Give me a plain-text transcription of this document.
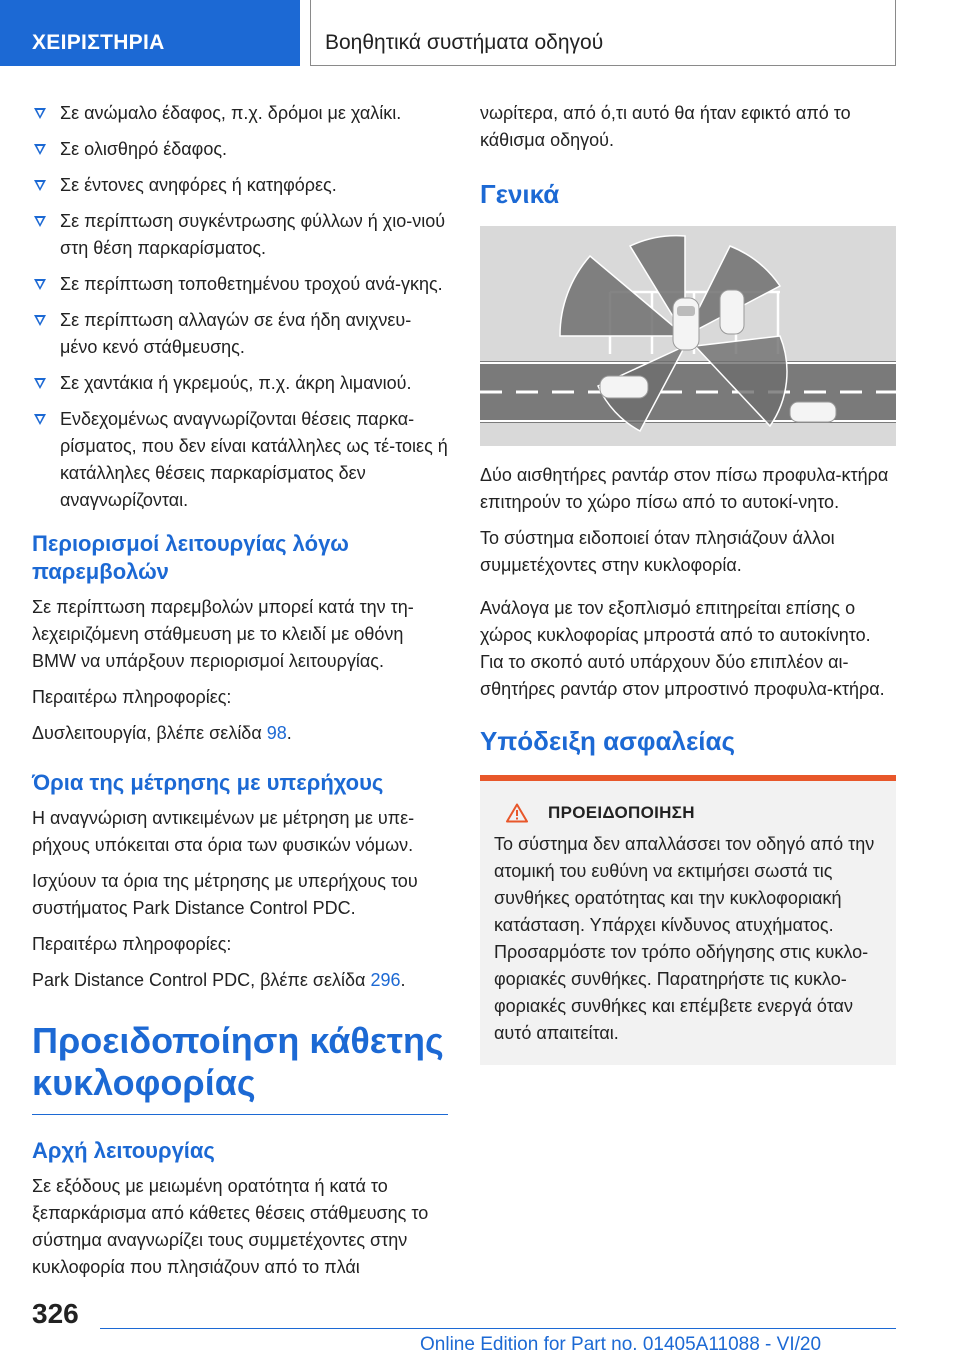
ΧΕΙΡΙΣΤΗΡΙΑ	Βοηθητικά συστήματα οδηγού
Σε ανώμαλο έδαφος, π.χ. δρόμοι με χαλίκι.
Σε ολισθηρό έδαφος.
Σε έντονες ανηφόρες ή κατηφόρες.
Σε περίπτωση συγκέντρωσης φύλλων ή χιο-νιού στη θέση παρκαρίσματος.
Σε περίπτωση τοποθετημένου τροχού ανά-γκης.
Σε περίπτωση αλλαγών σε ένα ήδη ανιχνευ-μένο κενό στάθμευσης.
Σε χαντάκια ή γκρεμούς, π.χ. άκρη λιμανιού.
Ενδεχομένως αναγνωρίζονται θέσεις παρκα-ρίσματος, που δεν είναι κατάλληλες ως τέ-τοιες ή κατάλληλες θέσεις παρκαρίσματος δεν αναγνωρίζονται.
Περιορισμοί λειτουργίας λόγω παρεμβολών
Σε περίπτωση παρεμβολών μπορεί κατά την τη-λεχειριζόμενη στάθμευση με το κλειδί με οθόνη BMW να υπάρξουν περιορισμοί λειτουργίας.
Περαιτέρω πληροφορίες:
Δυσλειτουργία, βλέπε σελίδα 98.
Όρια της μέτρησης με υπερήχους
Η αναγνώριση αντικειμένων με μέτρηση με υπε-ρήχους υπόκειται στα όρια των φυσικών νόμων.
Ισχύουν τα όρια της μέτρησης με υπερήχους του συστήματος Park Distance Control PDC.
Περαιτέρω πληροφορίες:
Park Distance Control PDC, βλέπε σελίδα 296.
Προειδοποίηση κάθετης κυκλοφορίας
Αρχή λειτουργίας
Σε εξόδους με μειωμένη ορατότητα ή κατά το ξεπαρκάρισμα από κάθετες θέσεις στάθμευσης το σύστημα αναγνωρίζει τους συμμετέχοντες στην κυκλοφορία που πλησιάζουν από το πλάι
νωρίτερα, από ό,τι αυτό θα ήταν εφικτό από το κάθισμα οδηγού.
Γενικά
Δύο αισθητήρες ραντάρ στον πίσω προφυλα-κτήρα επιτηρούν το χώρο πίσω από το αυτοκί-νητο.
Το σύστημα ειδοποιεί όταν πλησιάζουν άλλοι συμμετέχοντες στην κυκλοφορία.
Ανάλογα με τον εξοπλισμό επιτηρείται επίσης ο χώρος κυκλοφορίας μπροστά από το αυτοκίνητο. Για το σκοπό αυτό υπάρχουν δύο επιπλέον αι-σθητήρες ραντάρ στον μπροστινό προφυλα-κτήρα.
Υπόδειξη ασφαλείας
ΠΡΟΕΙΔΟΠΟΙΗΣΗ
Το σύστημα δεν απαλλάσσει τον οδηγό από την ατομική του ευθύνη να εκτιμήσει σωστά τις συνθήκες ορατότητας και την κυκλοφοριακή κατάσταση. Υπάρχει κίνδυνος ατυχήματος. Προσαρμόστε τον τρόπο οδήγησης στις κυκλο-φοριακές συνθήκες. Παρατηρήστε τις κυκλο-φοριακές συνθήκες και επέμβετε ενεργά όταν αυτό απαιτείται.
326
Online Edition for Part no. 01405A11088 - VI/20
